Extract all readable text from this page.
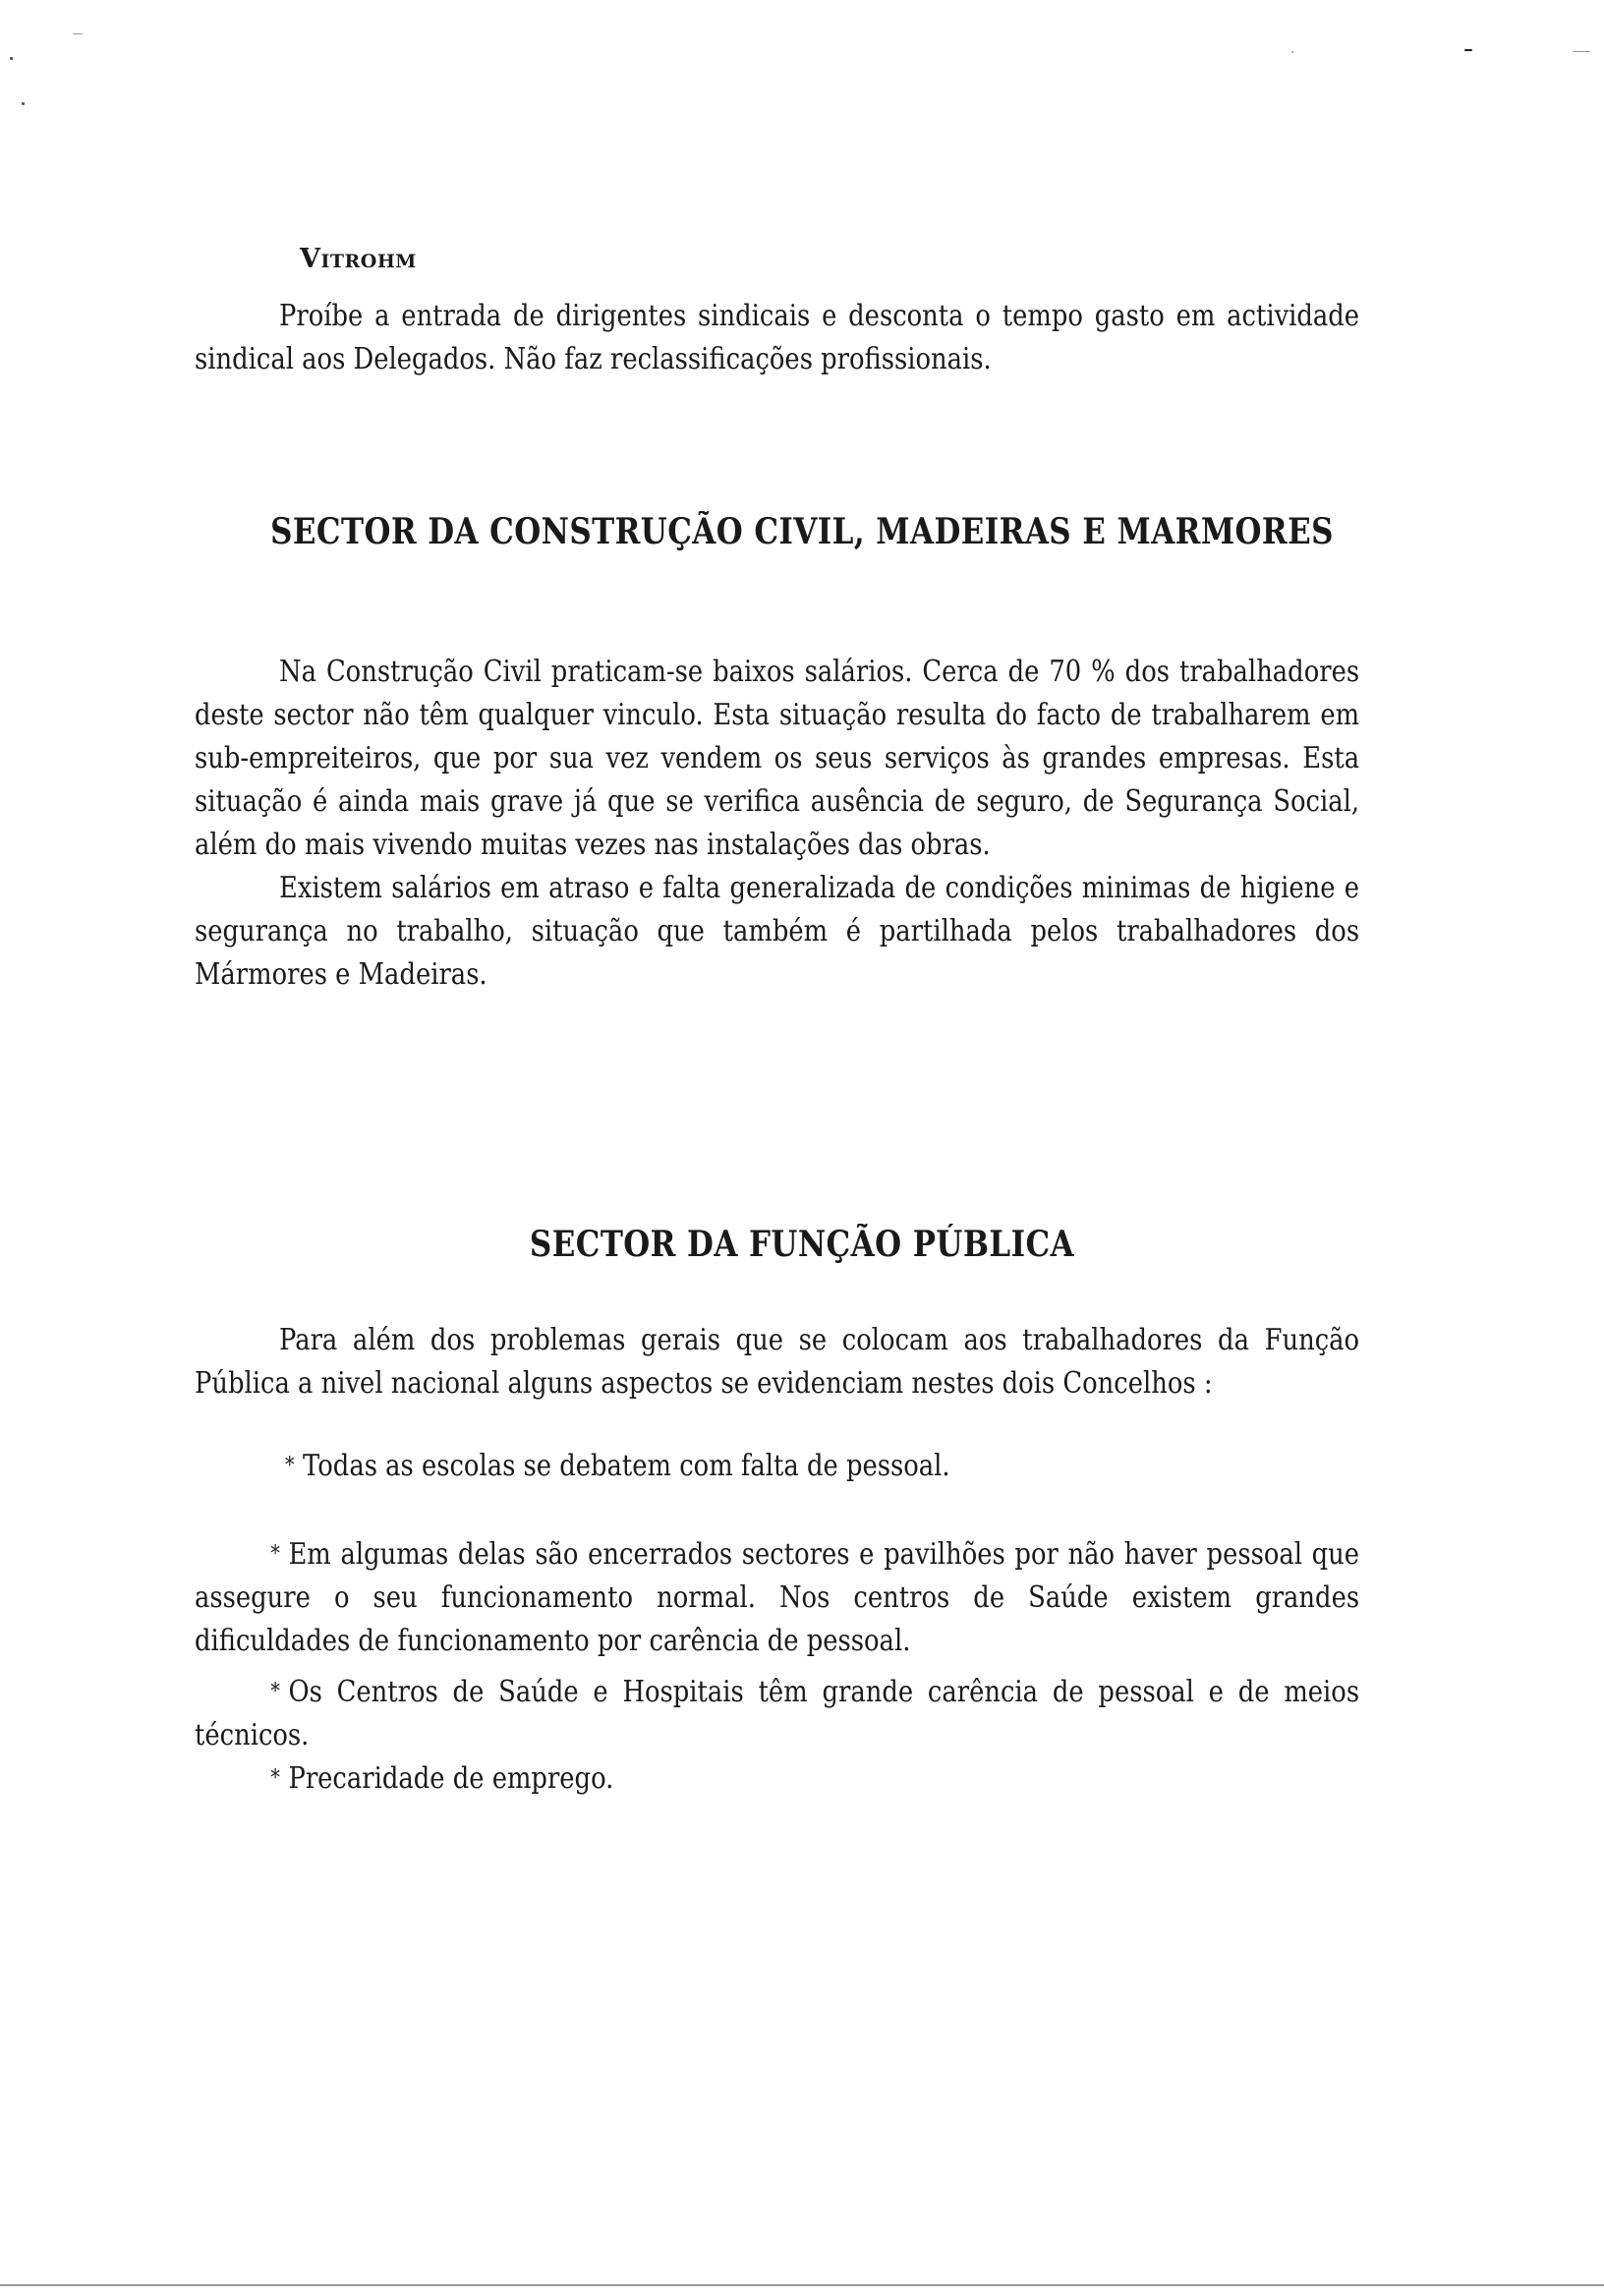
Vitrohm

Proíbe a entrada de dirigentes sindicais e desconta o tempo gasto em actividade sindical aos Delegados. Não faz reclassificações profissionais.

SECTOR DA CONSTRUÇÃO CIVIL, MADEIRAS E MARMORES

Na Construção Civil praticam-se baixos salários. Cerca de 70 % dos trabalhadores deste sector não têm qualquer vinculo. Esta situação resulta do facto de trabalharem em sub-empreiteiros, que por sua vez vendem os seus serviços às grandes empresas. Esta situação é ainda mais grave já que se verifica ausência de seguro, de Segurança Social, além do mais vivendo muitas vezes nas instalações das obras.

Existem salários em atraso e falta generalizada de condições minimas de higiene e segurança no trabalho, situação que também é partilhada pelos trabalhadores dos Mármores e Madeiras.

SECTOR DA FUNÇÃO PÚBLICA

Para além dos problemas gerais que se colocam aos trabalhadores da Função Pública a nivel nacional alguns aspectos se evidenciam nestes dois Concelhos :

* Todas as escolas se debatem com falta de pessoal.

* Em algumas delas são encerrados sectores e pavilhões por não haver pessoal que assegure o seu funcionamento normal. Nos centros de Saúde existem grandes dificuldades de funcionamento por carência de pessoal.

* Os Centros de Saúde e Hospitais têm grande carência de pessoal e de meios técnicos.

* Precaridade de emprego.
